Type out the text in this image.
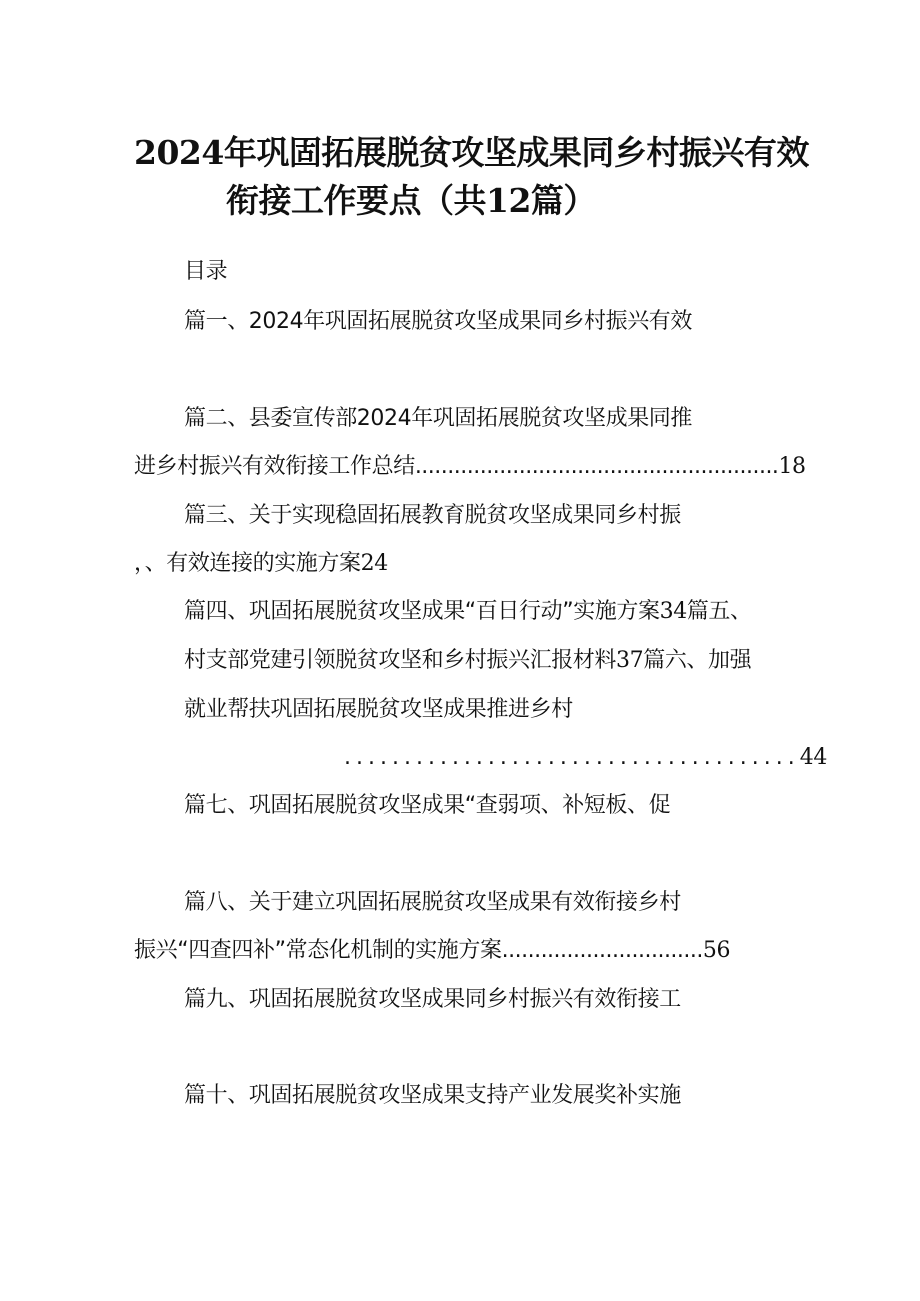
2024年巩固拓展脱贫攻坚成果同乡村振兴有效
衔接工作要点（共12篇）
目录
篇一、2024年巩固拓展脱贫攻坚成果同乡村振兴有效
篇二、县委宣传部2024年巩固拓展脱贫攻坚成果同推
进乡村振兴有效衔接工作总结........................................................18
篇三、关于实现稳固拓展教育脱贫攻坚成果同乡村振
，、有效连接的实施方案24
篇四、巩固拓展脱贫攻坚成果“百日行动”实施方案34篇五、
村支部党建引领脱贫攻坚和乡村振兴汇报材料37篇六、加强
就业帮扶巩固拓展脱贫攻坚成果推进乡村
......................................44
篇七、巩固拓展脱贫攻坚成果“查弱项、补短板、促
篇八、关于建立巩固拓展脱贫攻坚成果有效衔接乡村
振兴“四查四补”常态化机制的实施方案...............................56
篇九、巩固拓展脱贫攻坚成果同乡村振兴有效衔接工
篇十、巩固拓展脱贫攻坚成果支持产业发展奖补实施
